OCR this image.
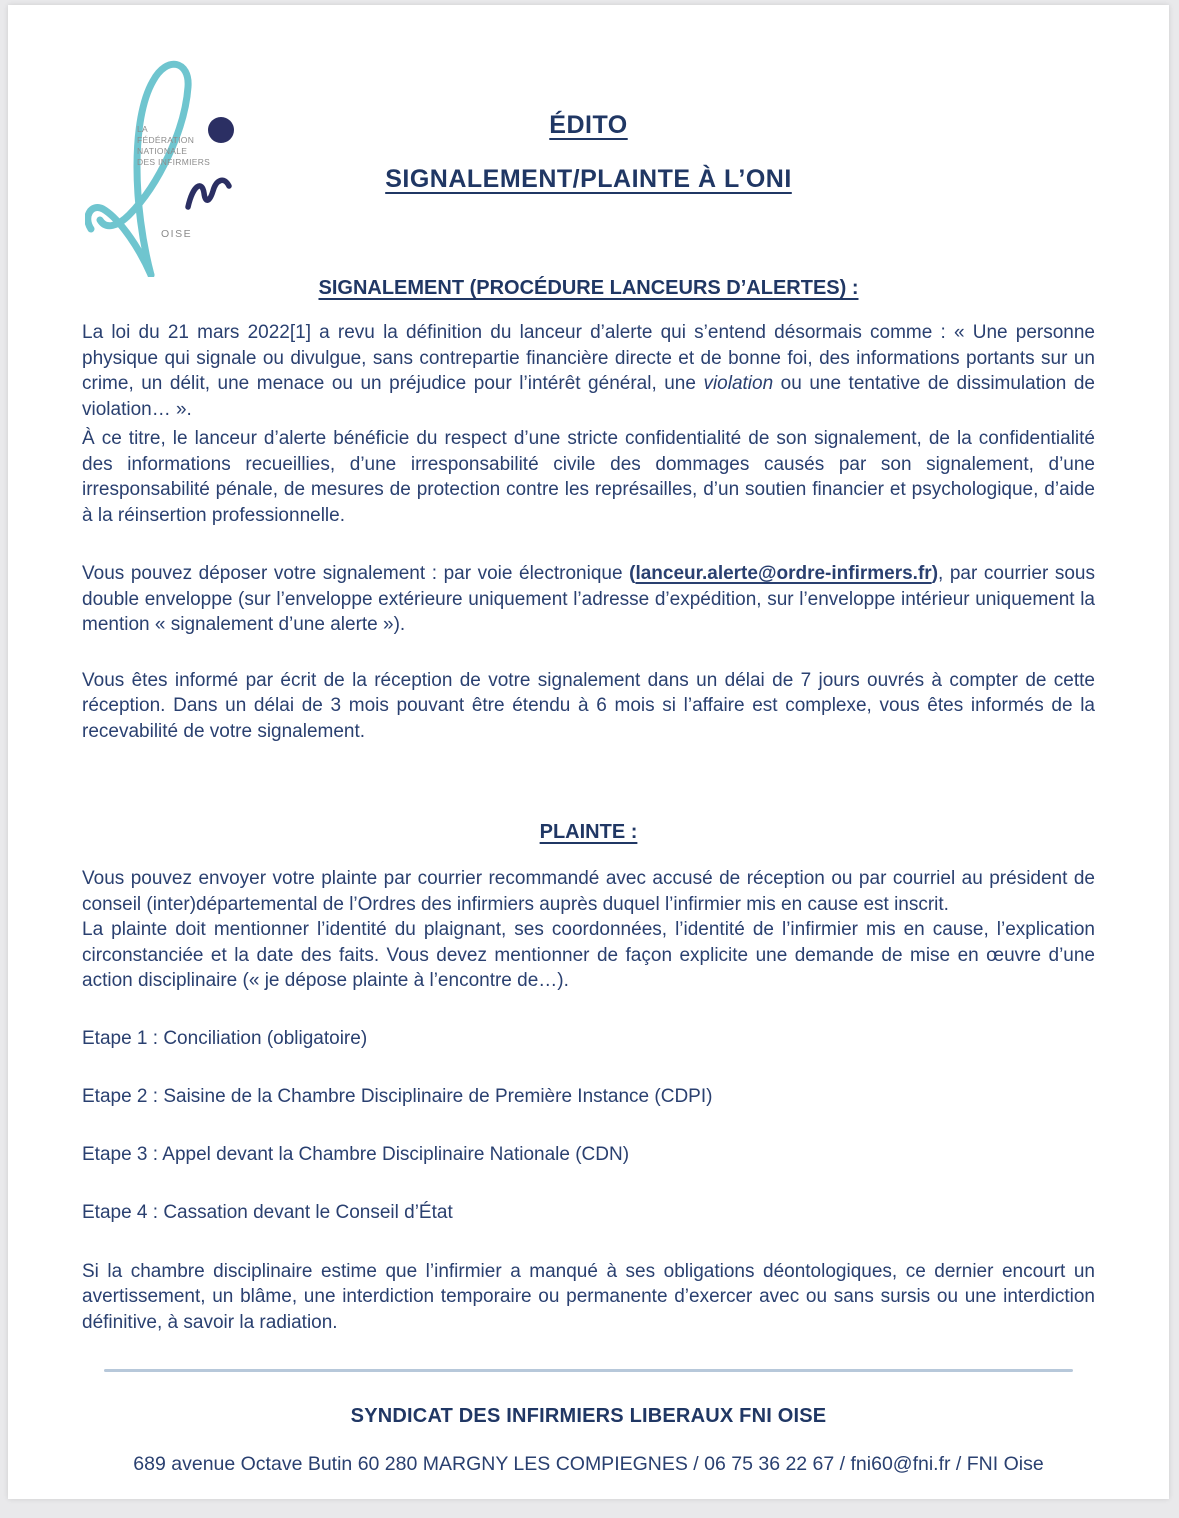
LA
FÉDÉRATION
NATIONALE
DES INFIRMIERS
OISE
ÉDITO
SIGNALEMENT/PLAINTE À L’ONI
SIGNALEMENT (PROCÉDURE LANCEURS D’ALERTES) :

La loi du 21 mars 2022[1] a revu la définition du lanceur d’alerte qui s’entend désormais comme : « Une personne physique qui signale ou divulgue, sans contrepartie financière directe et de bonne foi, des informations portants sur un crime, un délit, une menace ou un préjudice pour l’intérêt général, une violation ou une tentative de dissimulation de violation… ».

À ce titre, le lanceur d’alerte bénéficie du respect d’une stricte confidentialité de son signalement, de la confidentialité des informations recueillies, d’une irresponsabilité civile des dommages causés par son signalement, d’une irresponsabilité pénale, de mesures de protection contre les représailles, d’un soutien financier et psychologique, d’aide à la réinsertion professionnelle.

Vous pouvez déposer votre signalement : par voie électronique (lanceur.alerte@ordre-infirmers.fr), par courrier sous double enveloppe (sur l’enveloppe extérieure uniquement l’adresse d’expédition, sur l’enveloppe intérieur uniquement la mention « signalement d’une alerte »).

Vous êtes informé par écrit de la réception de votre signalement dans un délai de 7 jours ouvrés à compter de cette réception. Dans un délai de 3 mois pouvant être étendu à 6 mois si l’affaire est complexe, vous êtes informés de la recevabilité de votre signalement.

PLAINTE :

Vous pouvez envoyer votre plainte par courrier recommandé avec accusé de réception ou par courriel au président de conseil (inter)départemental de l’Ordres des infirmiers auprès duquel l’infirmier mis en cause est inscrit.

La plainte doit mentionner l’identité du plaignant, ses coordonnées, l’identité de l’infirmier mis en cause, l’explication circonstanciée et la date des faits. Vous devez mentionner de façon explicite une demande de mise en œuvre d’une action disciplinaire (« je dépose plainte à l’encontre de…).

Etape 1 : Conciliation (obligatoire)

Etape 2 : Saisine de la Chambre Disciplinaire de Première Instance (CDPI)

Etape 3 : Appel devant la Chambre Disciplinaire Nationale (CDN)

Etape 4 : Cassation devant le Conseil d’État

Si la chambre disciplinaire estime que l’infirmier a manqué à ses obligations déontologiques, ce dernier encourt un avertissement, un blâme, une interdiction temporaire ou permanente d’exercer avec ou sans sursis ou une interdiction définitive, à savoir la radiation.

SYNDICAT DES INFIRMIERS LIBERAUX FNI OISE
689 avenue Octave Butin 60 280 MARGNY LES COMPIEGNES / 06 75 36 22 67 / fni60@fni.fr / FNI Oise
